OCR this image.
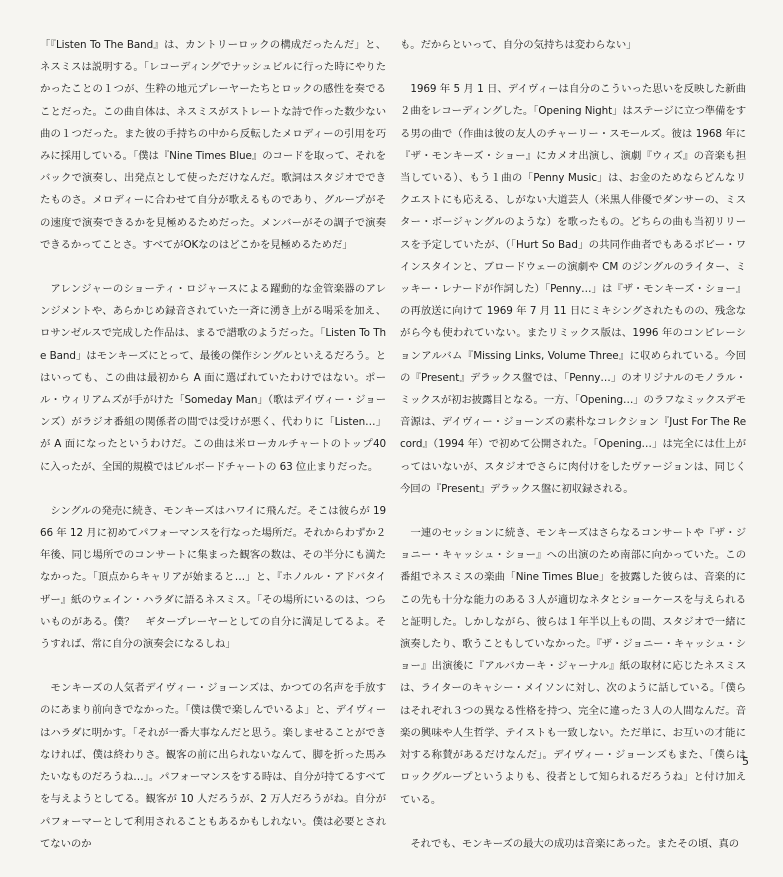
「『Listen To The Band』は、カントリーロックの構成だったんだ」と、ネスミスは説明する。「レコーディングでナッシュビルに行った時にやりたかったことの１つが、生粋の地元プレーヤーたちとロックの感性を奏でることだった。この曲自体は、ネスミスがストレートな詩で作った数少ない曲の１つだった。また彼の手持ちの中から反転したメロディーの引用を巧みに採用している。「僕は『Nine Times Blue』のコードを取って、それをバックで演奏し、出発点として使っただけなんだ。歌詞はスタジオでできたものさ。メロディーに合わせて自分が歌えるものであり、グループがその速度で演奏できるかを見極めるためだった。メンバーがその調子で演奏できるかってことさ。すべてがOKなのはどこかを見極めるためだ」

アレンジャーのショーティ・ロジャースによる躍動的な金管楽器のアレンジメントや、あらかじめ録音されていた一斉に湧き上がる喝采を加え、ロサンゼルスで完成した作品は、まるで譜歌のようだった。「Listen To The Band」はモンキーズにとって、最後の傑作シングルといえるだろう。とはいっても、この曲は最初から A 面に選ばれていたわけではない。ポール・ウィリアムズが手がけた「Someday Man」（歌はデイヴィー・ジョーンズ）がラジオ番組の関係者の間では受けが悪く、代わりに「Listen…」が A 面になったというわけだ。この曲は米ローカルチャートのトップ40 に入ったが、全国的規模ではビルボードチャートの 63 位止まりだった。

シングルの発売に続き、モンキーズはハワイに飛んだ。そこは彼らが 1966 年 12 月に初めてパフォーマンスを行なった場所だ。それからわずか２年後、同じ場所でのコンサートに集まった観客の数は、その半分にも満たなかった。「頂点からキャリアが始まると…」と、『ホノルル・アドバタイザー』紙のウェイン・ハラダに語るネスミス。「その場所にいるのは、つらいものがある。僕？　ギタープレーヤーとしての自分に満足してるよ。そうすれば、常に自分の演奏会になるしね」

モンキーズの人気者デイヴィー・ジョーンズは、かつての名声を手放すのにあまり前向きでなかった。「僕は僕で楽しんでいるよ」と、デイヴィーはハラダに明かす。「それが一番大事なんだと思う。楽しませることができなければ、僕は終わりさ。観客の前に出られないなんて、脚を折った馬みたいなものだろうね…」。パフォーマンスをする時は、自分が持てるすべてを与えようとしてる。観客が 10 人だろうが、2 万人だろうがね。自分がパフォーマーとして利用されることもあるかもしれない。僕は必要とされてないのか

も。だからといって、自分の気持ちは変わらない」

1969 年 5 月 1 日、デイヴィーは自分のこういった思いを反映した新曲２曲をレコーディングした。「Opening Night」はステージに立つ準備をする男の曲で（作曲は彼の友人のチャーリー・スモールズ。彼は 1968 年に『ザ・モンキーズ・ショー』にカメオ出演し、演劇『ウィズ』の音楽も担当している）、もう１曲の「Penny Music」は、お金のためならどんなリクエストにも応える、しがない大道芸人（米黒人俳優でダンサーの、ミスター・ボージャングルのような）を歌ったもの。どちらの曲も当初リリースを予定していたが、（「Hurt So Bad」の共同作曲者でもあるボビー・ワインスタインと、ブロードウェーの演劇や CM のジングルのライター、ミッキー・レナードが作詞した）「Penny…」は『ザ・モンキーズ・ショー』の再放送に向けて 1969 年 7 月 11 日にミキシングされたものの、残念ながら今も使われていない。またリミックス版は、1996 年のコンピレーションアルバム『Missing Links, Volume Three』に収められている。今回の『Present』デラックス盤では、「Penny…」のオリジナルのモノラル・ミックスが初お披露目となる。一方、「Opening…」のラフなミックスデモ音源は、デイヴィー・ジョーンズの素朴なコレクション『Just For The Record』（1994 年）で初めて公開された。「Opening…」は完全には仕上がってはいないが、スタジオでさらに肉付けをしたヴァージョンは、同じく今回の『Present』デラックス盤に初収録される。

一連のセッションに続き、モンキーズはさらなるコンサートや『ザ・ジョニー・キャッシュ・ショー』への出演のため南部に向かっていた。この番組でネスミスの楽曲「Nine Times Blue」を披露した彼らは、音楽的にこの先も十分な能力のある３人が適切なネタとショーケースを与えられると証明した。しかしながら、彼らは１年半以上もの間、スタジオで一緒に演奏したり、歌うこともしていなかった。『ザ・ジョニー・キャッシュ・ショー』出演後に『アルバカーキ・ジャーナル』紙の取材に応じたネスミスは、ライターのキャシー・メイソンに対し、次のように話している。「僕らはそれぞれ３つの異なる性格を持つ、完全に違った３人の人間なんだ。音楽の興味や人生哲学、テイストも一致しない。ただ単に、お互いの才能に対する称賛があるだけなんだ」。デイヴィー・ジョーンズもまた、「僕らはロックグループというよりも、役者として知られるだろうね」と付け加えている。

それでも、モンキーズの最大の成功は音楽にあった。またその頃、真の

5
